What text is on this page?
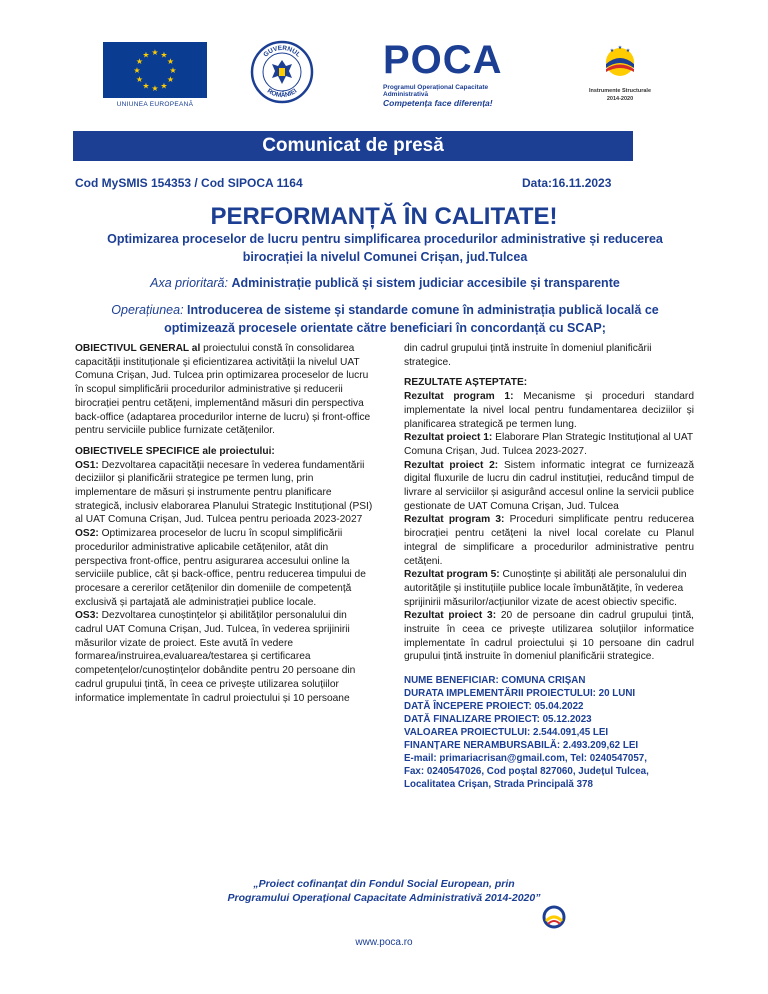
★ ★
★
★
★
★
★
★
★
★
★
★
UNIUNEA EUROPEANĂ
GUVERNUL
ROMÂNIEI
POCA
Programul Operațional Capacitate Administrativă
Competența face diferența!
★ ★ ★
Instrumente Structurale
2014-2020
Comunicat de presă
Cod MySMIS 154353 / Cod SIPOCA 1164	Data:16.11.2023
PERFORMANȚĂ ÎN CALITATE!
Optimizarea proceselor de lucru pentru simplificarea procedurilor administrative și reducerea birocrației la nivelul Comunei Crișan, jud.Tulcea
Axa prioritară: Administrație publică și sistem judiciar accesibile și transparente
Operațiunea: Introducerea de sisteme și standarde comune în administrația publică locală ce optimizează procesele orientate către beneficiari în concordanță cu SCAP;

OBIECTIVUL GENERAL al proiectului constă în consolidarea capacității instituționale și eficientizarea activității la nivelul UAT Comuna Crișan, Jud. Tulcea prin optimizarea proceselor de lucru în scopul simplificării procedurilor administrative și reducerii birocrației pentru cetățeni, implementând măsuri din perspectiva back-office (adaptarea procedurilor interne de lucru) și front-office pentru serviciile publice furnizate cetățenilor.

OBIECTIVELE SPECIFICE ale proiectului:

OS1: Dezvoltarea capacității necesare în vederea fundamentării deciziilor și planificării strategice pe termen lung, prin implementare de măsuri și instrumente pentru planificare strategică, inclusiv elaborarea Planului Strategic Instituțional (PSI) al UAT Comuna Crișan, Jud. Tulcea pentru perioada 2023-2027

OS2: Optimizarea proceselor de lucru în scopul simplificării procedurilor administrative aplicabile cetățenilor, atât din perspectiva front-office, pentru asigurarea accesului online la serviciile publice, cât și back-office, pentru reducerea timpului de procesare a cererilor cetățenilor din domeniile de competență exclusivă și partajată ale administrației publice locale.

OS3: Dezvoltarea cunoștințelor și abilităților personalului din cadrul UAT Comuna Crișan, Jud. Tulcea, în vederea sprijinirii măsurilor vizate de proiect. Este avută în vedere formarea/instruirea,evaluarea/testarea și certificarea competențelor/cunoștințelor dobândite pentru 20 persoane din cadrul grupului țintă, în ceea ce privește utilizarea soluțiilor informatice implementate în cadrul proiectului și 10 persoane

din cadrul grupului țintă instruite în domeniul planificării strategice.

REZULTATE AȘTEPTATE:

Rezultat program 1: Mecanisme și proceduri standard implementate la nivel local pentru fundamentarea deciziilor și planificarea strategică pe termen lung.

Rezultat proiect 1: Elaborare Plan Strategic Instituțional al UAT Comuna Crișan, Jud. Tulcea 2023-2027.

Rezultat proiect 2: Sistem informatic integrat ce furnizează digital fluxurile de lucru din cadrul instituției, reducând timpul de livrare al serviciilor și asigurând accesul online la servicii publice gestionate de UAT Comuna Crișan, Jud. Tulcea

Rezultat program 3: Proceduri simplificate pentru reducerea birocrației pentru cetățeni la nivel local corelate cu Planul integral de simplificare a procedurilor administrative pentru cetățeni.

Rezultat program 5: Cunoștințe și abilități ale personalului din autoritățile și instituțiile publice locale îmbunătățite, în vederea sprijinirii măsurilor/acțiunilor vizate de acest obiectiv specific.

Rezultat proiect 3: 20 de persoane din cadrul grupului țintă, instruite în ceea ce privește utilizarea soluțiilor informatice implementate în cadrul proiectului și 10 persoane din cadrul grupului țintă instruite în domeniul planificării strategice.

NUME BENEFICIAR: COMUNA CRIȘAN

DURATA IMPLEMENTĂRII PROIECTULUI: 20 LUNI

DATĂ ÎNCEPERE PROIECT: 05.04.2022

DATĂ FINALIZARE PROIECT: 05.12.2023

VALOAREA PROIECTULUI: 2.544.091,45 LEI

FINANȚARE NERAMBURSABILĂ: 2.493.209,62 LEI

E-mail: primariacrisan@gmail.com, Tel: 0240547057,

Fax: 0240547026, Cod poștal 827060, Județul Tulcea,

Localitatea Crișan, Strada Principală 378

„Proiect cofinanțat din Fondul Social European, prin
Programului Operațional Capacitate Administrativă 2014-2020”
www.poca.ro
